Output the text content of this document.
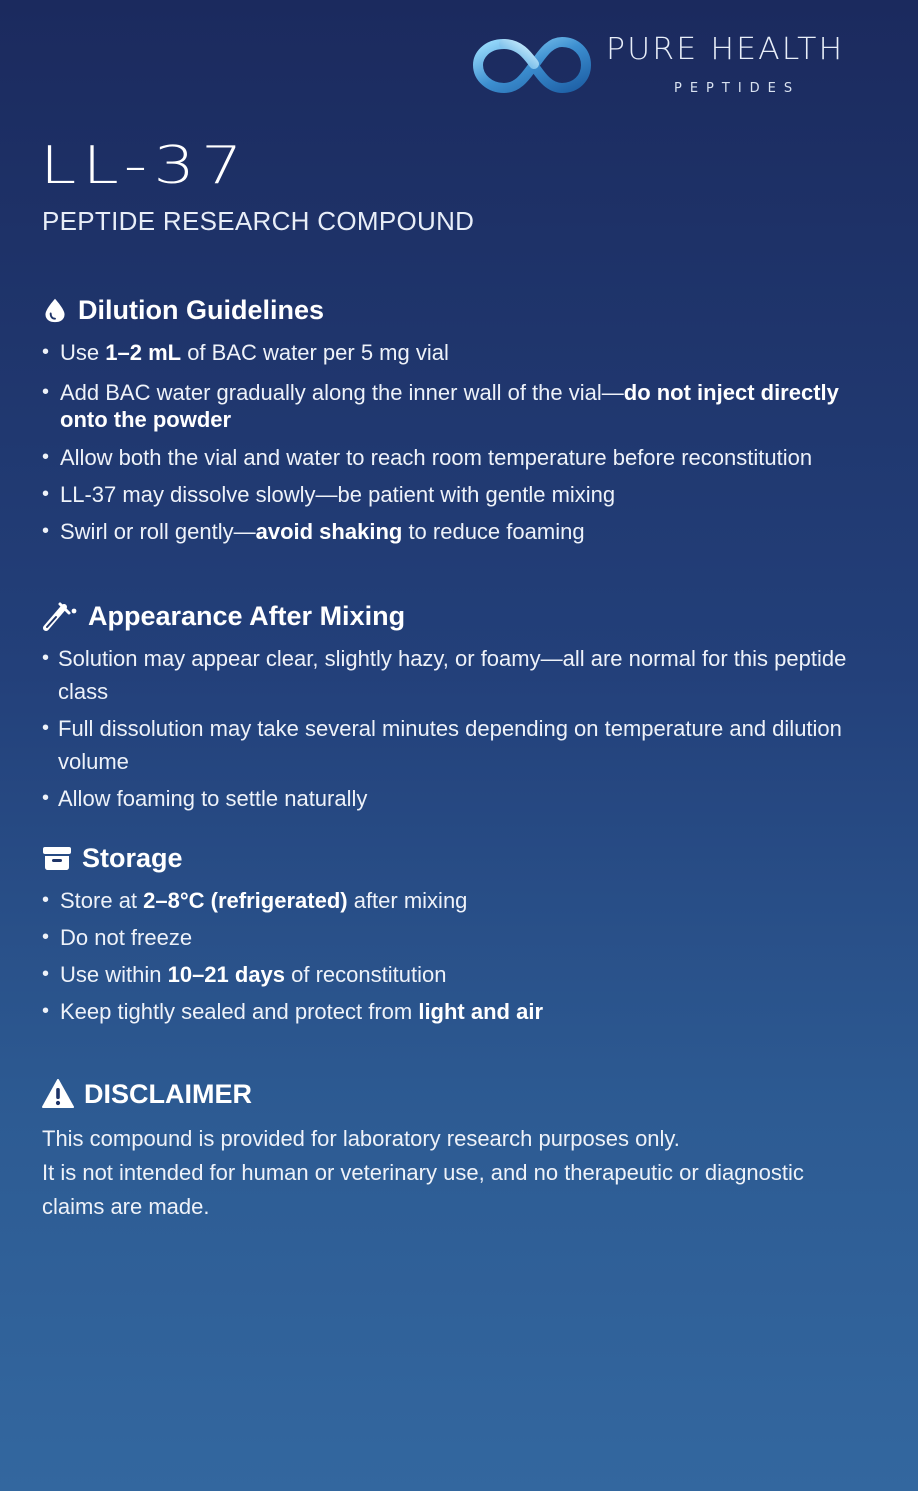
PURE HEALTH
PEPTIDES
LL-37
PEPTIDE RESEARCH COMPOUND
Dilution Guidelines
• Use 1–2 mL of BAC water per 5 mg vial
• Add BAC water gradually along the inner wall of the vial—do not inject directly onto the powder
• Allow both the vial and water to reach room temperature before reconstitution
• LL-37 may dissolve slowly—be patient with gentle mixing
• Swirl or roll gently—avoid shaking to reduce foaming
Appearance After Mixing
• Solution may appear clear, slightly hazy, or foamy—all are normal for this peptide class
• Full dissolution may take several minutes depending on temperature and dilution volume
• Allow foaming to settle naturally
Storage
• Store at 2–8°C (refrigerated) after mixing
• Do not freeze
• Use within 10–21 days of reconstitution
• Keep tightly sealed and protect from light and air
DISCLAIMER

This compound is provided for laboratory research purposes only.

It is not intended for human or veterinary use, and no therapeutic or diagnostic claims are made.
